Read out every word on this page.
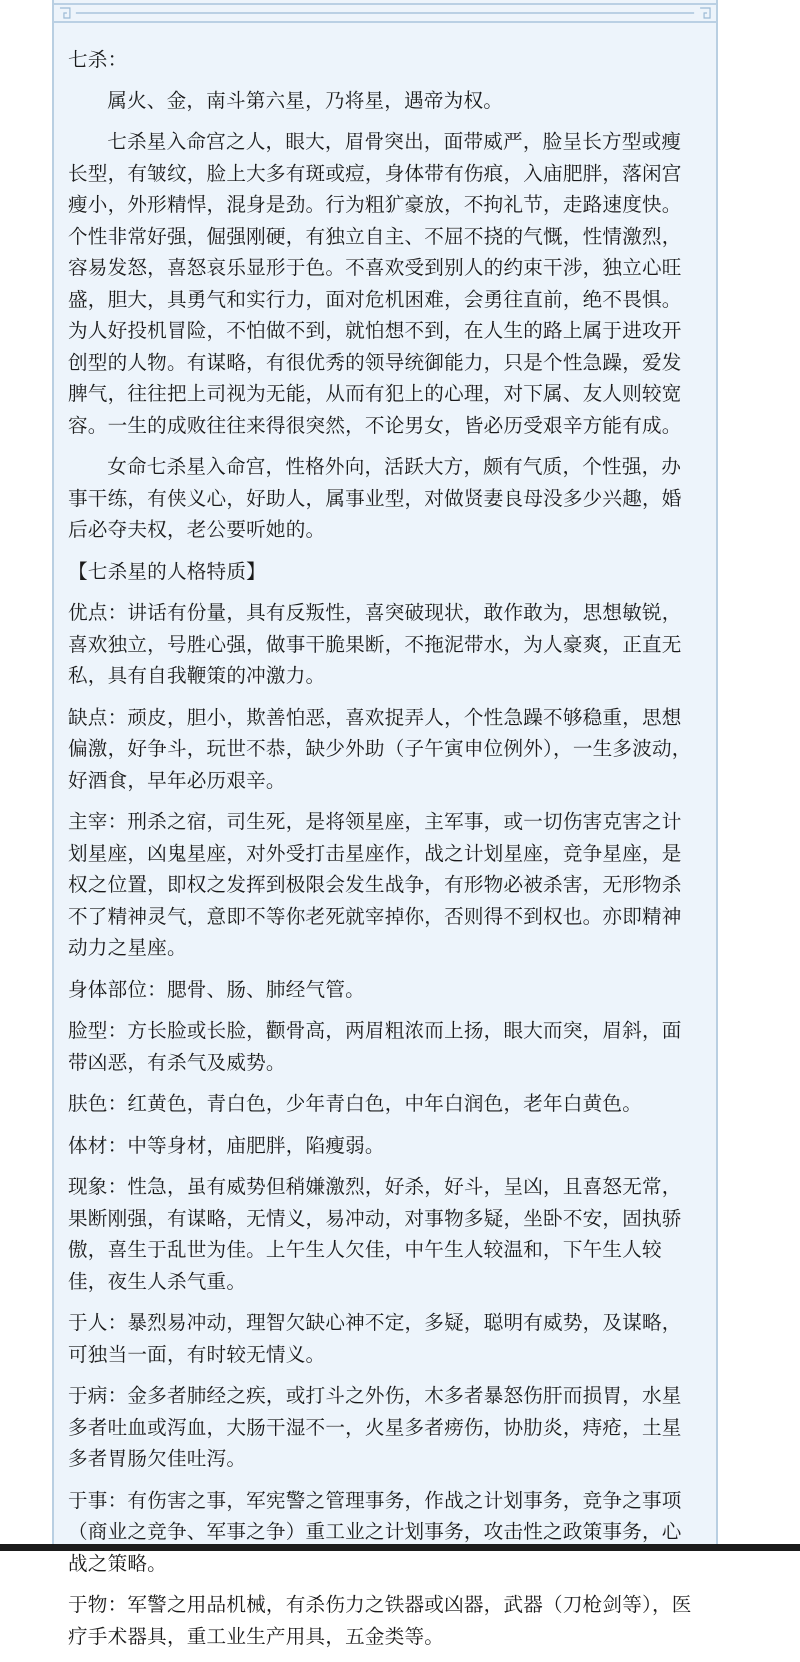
七杀：

属火、金，南斗第六星，乃将星，遇帝为权。

七杀星入命宫之人，眼大，眉骨突出，面带威严，脸呈长方型或瘦长型，有皱纹，脸上大多有斑或痘，身体带有伤痕，入庙肥胖，落闲宫瘦小，外形精悍，混身是劲。行为粗犷豪放，不拘礼节，走路速度快。个性非常好强，倔强刚硬，有独立自主、不屈不挠的气慨，性情激烈，容易发怒，喜怒哀乐显形于色。不喜欢受到别人的约束干涉，独立心旺盛，胆大，具勇气和实行力，面对危机困难，会勇往直前，绝不畏惧。为人好投机冒险，不怕做不到，就怕想不到，在人生的路上属于进攻开创型的人物。有谋略，有很优秀的领导统御能力，只是个性急躁，爱发脾气，往往把上司视为无能，从而有犯上的心理，对下属、友人则较宽容。一生的成败往往来得很突然，不论男女，皆必历受艰辛方能有成。

女命七杀星入命宫，性格外向，活跃大方，颇有气质，个性强，办事干练，有侠义心，好助人，属事业型，对做贤妻良母没多少兴趣，婚后必夺夫权，老公要听她的。

【七杀星的人格特质】

优点：讲话有份量，具有反叛性，喜突破现状，敢作敢为，思想敏锐，喜欢独立，号胜心强，做事干脆果断，不拖泥带水，为人豪爽，正直无私，具有自我鞭策的冲激力。

缺点：顽皮，胆小，欺善怕恶，喜欢捉弄人，个性急躁不够稳重，思想偏激，好争斗，玩世不恭，缺少外助（子午寅申位例外），一生多波动，好酒食，早年必历艰辛。

主宰：刑杀之宿，司生死，是将领星座，主军事，或一切伤害克害之计划星座，凶鬼星座，对外受打击星座作，战之计划星座，竞争星座，是权之位置，即权之发挥到极限会发生战争，有形物必被杀害，无形物杀不了精神灵气，意即不等你老死就宰掉你，否则得不到权也。亦即精神动力之星座。

身体部位：腮骨、肠、肺经气管。

脸型：方长脸或长脸，颧骨高，两眉粗浓而上扬，眼大而突，眉斜，面带凶恶，有杀气及威势。

肤色：红黄色，青白色，少年青白色，中年白润色，老年白黄色。

体材：中等身材，庙肥胖，陷瘦弱。

现象：性急，虽有威势但稍嫌激烈，好杀，好斗，呈凶，且喜怒无常，果断刚强，有谋略，无情义，易冲动，对事物多疑，坐卧不安，固执骄傲，喜生于乱世为佳。上午生人欠佳，中午生人较温和，下午生人较佳，夜生人杀气重。

于人：暴烈易冲动，理智欠缺心神不定，多疑，聪明有威势，及谋略，可独当一面，有时较无情义。

于病：金多者肺经之疾，或打斗之外伤，木多者暴怒伤肝而损胃，水星多者吐血或泻血，大肠干湿不一，火星多者痨伤，协肋炎，痔疮，土星多者胃肠欠佳吐泻。

于事：有伤害之事，军宪警之管理事务，作战之计划事务，竞争之事项（商业之竞争、军事之争）重工业之计划事务，攻击性之政策事务，心战之策略。

于物：军警之用品机械，有杀伤力之铁器或凶器，武器（刀枪剑等），医疗手术器具，重工业生产用具，五金类等。
